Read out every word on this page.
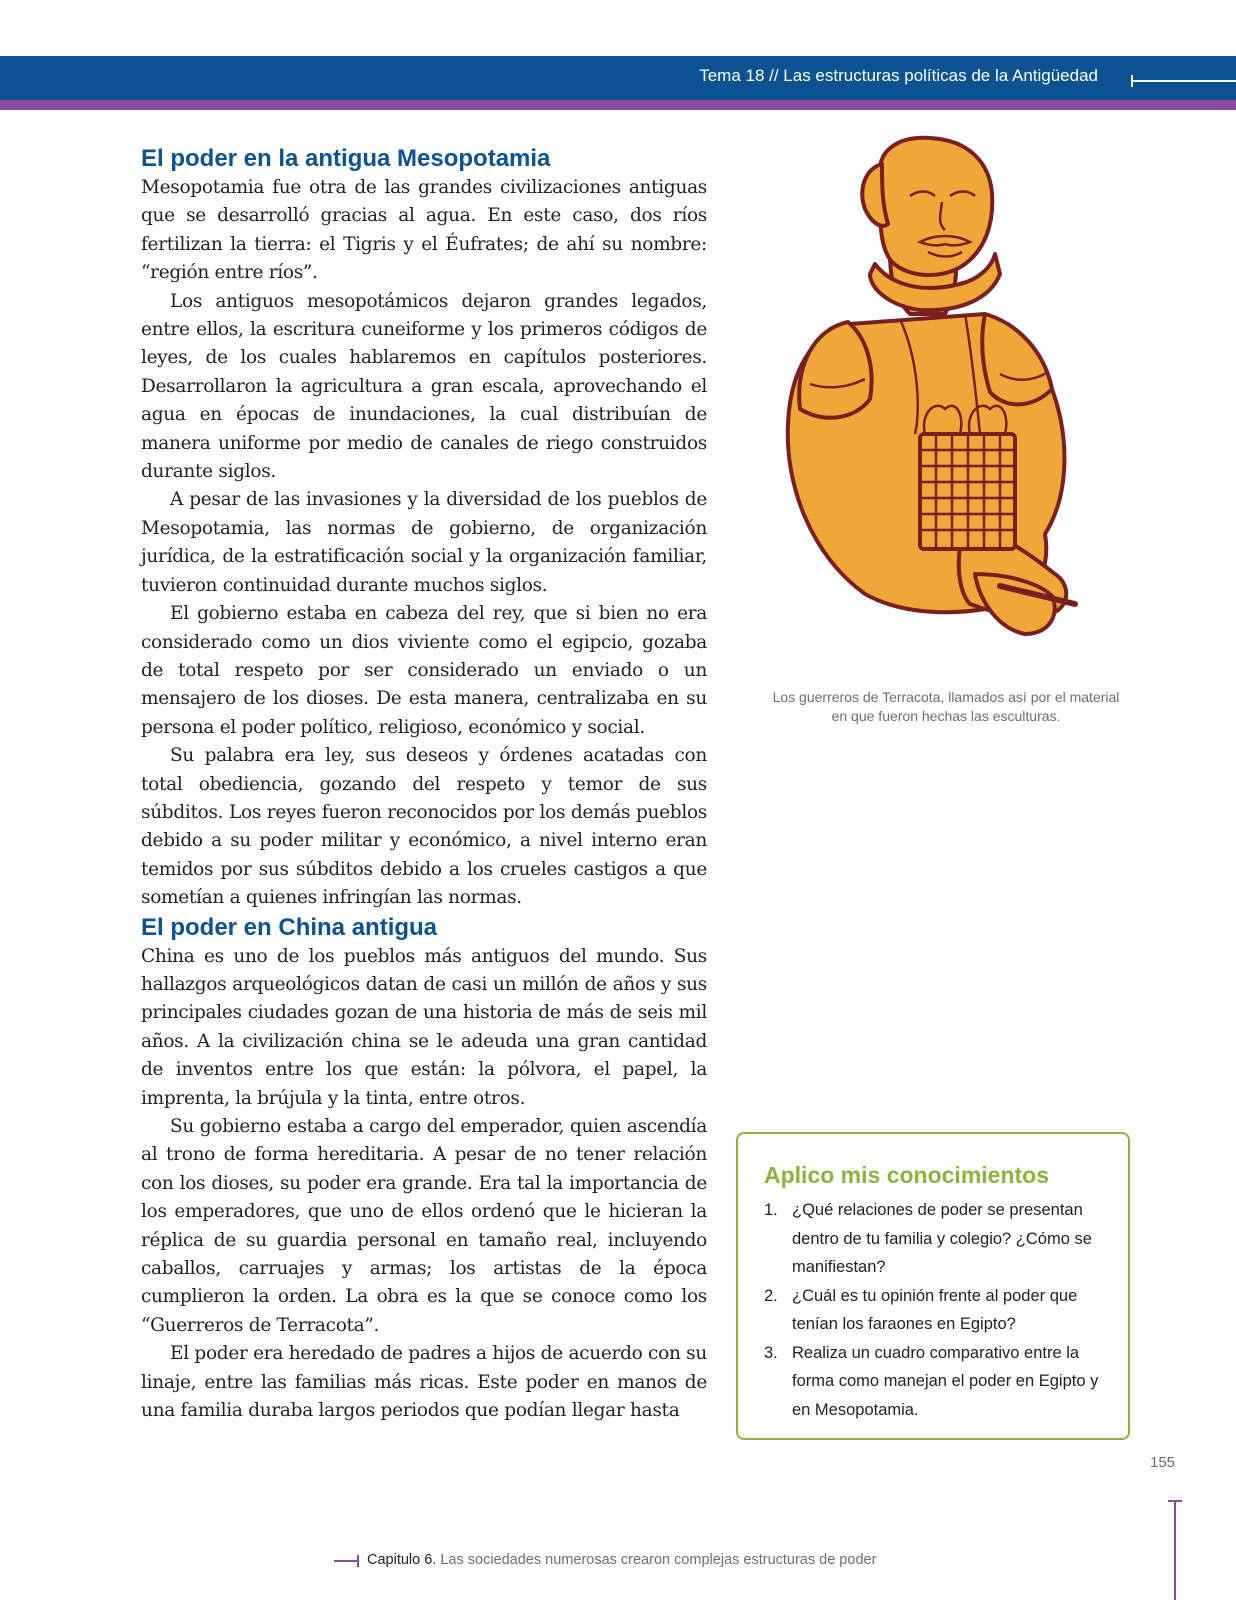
Tema 18 // Las estructuras políticas de la Antigüedad
El poder en la antigua Mesopotamia

Mesopotamia fue otra de las grandes civilizaciones antiguas que se desarrolló gracias al agua. En este caso, dos ríos fertilizan la tierra: el Tigris y el Éufrates; de ahí su nombre: “región entre ríos”.

Los antiguos mesopotámicos dejaron grandes legados, entre ellos, la escritura cuneiforme y los primeros códigos de leyes, de los cuales hablaremos en capítulos posteriores. Desarrollaron la agricultura a gran escala, aprovechando el agua en épocas de inundaciones, la cual distribuían de manera uniforme por medio de canales de riego construidos durante siglos.

A pesar de las invasiones y la diversidad de los pueblos de Mesopotamia, las normas de gobierno, de organización jurídica, de la estratificación social y la organización familiar, tuvieron continuidad durante muchos siglos.

El gobierno estaba en cabeza del rey, que si bien no era considerado como un dios viviente como el egipcio, gozaba de total respeto por ser considerado un enviado o un mensajero de los dioses. De esta manera, centralizaba en su persona el poder político, religioso, económico y social.

Su palabra era ley, sus deseos y órdenes acatadas con total obediencia, gozando del respeto y temor de sus súbditos. Los reyes fueron reconocidos por los demás pueblos debido a su poder militar y económico, a nivel interno eran temidos por sus súbditos debido a los crueles castigos a que sometían a quienes infringían las normas.

El poder en China antigua

China es uno de los pueblos más antiguos del mundo. Sus hallazgos arqueológicos datan de casi un millón de años y sus principales ciudades gozan de una historia de más de seis mil años. A la civilización china se le adeuda una gran cantidad de inventos entre los que están: la pólvora, el papel, la imprenta, la brújula y la tinta, entre otros.

Su gobierno estaba a cargo del emperador, quien ascendía al trono de forma hereditaria. A pesar de no tener relación con los dioses, su poder era grande. Era tal la importancia de los emperadores, que uno de ellos ordenó que le hicieran la réplica de su guardia personal en tamaño real, incluyendo caballos, carruajes y armas; los artistas de la época cumplieron la orden. La obra es la que se conoce como los “Guerreros de Terracota”.

El poder era heredado de padres a hijos de acuerdo con su linaje, entre las familias más ricas. Este poder en manos de una familia duraba largos periodos que podían llegar hasta

Los guerreros de Terracota, llamados así por el material en que fueron hechas las esculturas.
Aplico mis conocimientos
1. ¿Qué relaciones de poder se presentan dentro de tu familia y colegio? ¿Cómo se manifiestan?
2. ¿Cuál es tu opinión frente al poder que tenían los faraones en Egipto?
3. Realiza un cuadro comparativo entre la forma como manejan el poder en Egipto y en Mesopotamia.
155
Capitulo 6. Las sociedades numerosas crearon complejas estructuras de poder
